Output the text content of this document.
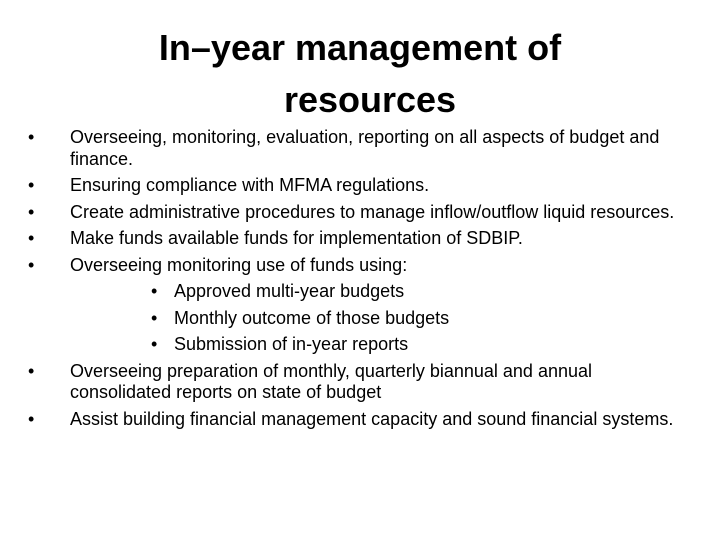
In–year management of
resources
•	Overseeing, monitoring, evaluation, reporting on all aspects of budget and finance.
•	Ensuring compliance with MFMA regulations.
•	Create administrative procedures to manage inflow/outflow liquid resources.
•	Make funds available funds for implementation of SDBIP.
•	Overseeing monitoring use of funds using:
• Approved multi-year budgets
• Monthly outcome of those budgets
• Submission of in-year reports
•	Overseeing preparation of monthly, quarterly biannual and annual consolidated reports on state of budget
•	Assist building financial management capacity and sound financial systems.
